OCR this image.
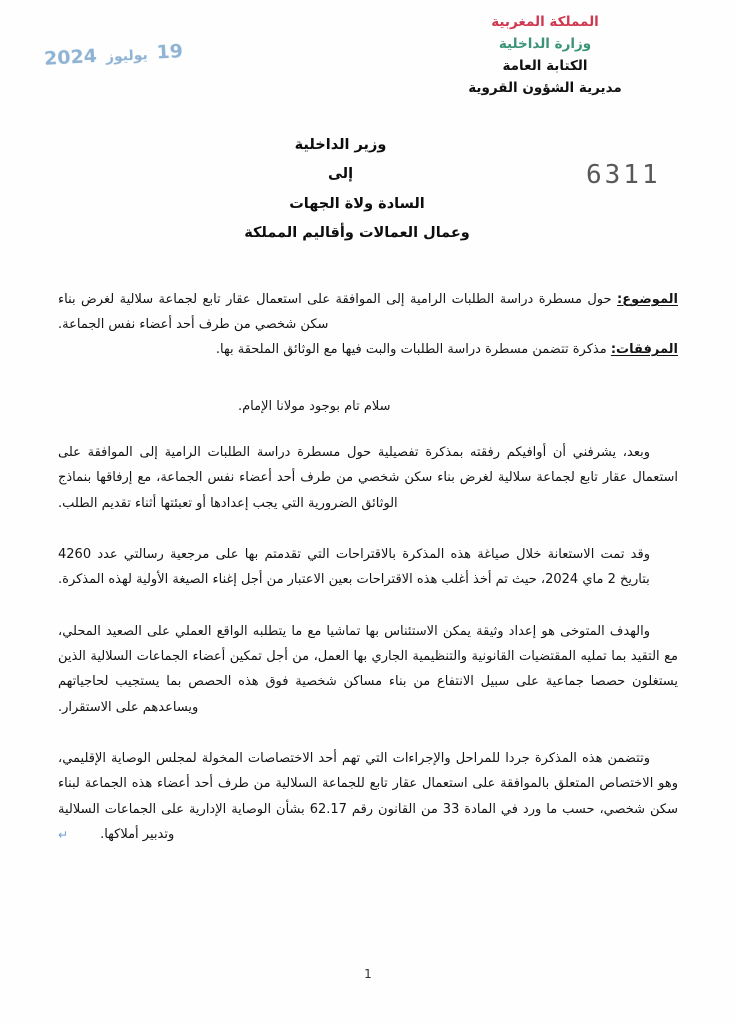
19 يوليوز 2024
6311
المملكة المغربية
وزارة الداخلية
الكتابة العامة
مديرية الشؤون القروية
وزير الداخلية
إلى
السادة ولاة الجهات
وعمال العمالات وأقاليم المملكة
الموضوع: حول مسطرة دراسة الطلبات الرامية إلى الموافقة على استعمال عقار تابع لجماعة سلالية لغرض بناء سكن شخصي من طرف أحد أعضاء نفس الجماعة.
المرفقات: مذكرة تتضمن مسطرة دراسة الطلبات والبت فيها مع الوثائق الملحقة بها.
سلام تام بوجود مولانا الإمام.
وبعد، يشرفني أن أوافيكم رفقته بمذكرة تفصيلية حول مسطرة دراسة الطلبات الرامية إلى الموافقة على استعمال عقار تابع لجماعة سلالية لغرض بناء سكن شخصي من طرف أحد أعضاء نفس الجماعة، مع إرفاقها بنماذج الوثائق الضرورية التي يجب إعدادها أو تعبئتها أثناء تقديم الطلب.
وقد تمت الاستعانة خلال صياغة هذه المذكرة بالاقتراحات التي تقدمتم بها على مرجعية رسالتي عدد 4260 بتاريخ 2 ماي 2024، حيث تم أخذ أغلب هذه الاقتراحات بعين الاعتبار من أجل إغناء الصيغة الأولية لهذه المذكرة.
والهدف المتوخى هو إعداد وثيقة يمكن الاستئناس بها تماشيا مع ما يتطلبه الواقع العملي على الصعيد المحلي، مع التقيد بما تمليه المقتضيات القانونية والتنظيمية الجاري بها العمل، من أجل تمكين أعضاء الجماعات السلالية الذين يستغلون حصصا جماعية على سبيل الانتفاع من بناء مساكن شخصية فوق هذه الحصص بما يستجيب لحاجياتهم ويساعدهم على الاستقرار.
وتتضمن هذه المذكرة جردا للمراحل والإجراءات التي تهم أحد الاختصاصات المخولة لمجلس الوصاية الإقليمي، وهو الاختصاص المتعلق بالموافقة على استعمال عقار تابع للجماعة السلالية من طرف أحد أعضاء هذه الجماعة لبناء سكن شخصي، حسب ما ورد في المادة 33 من القانون رقم 62.17 بشأن الوصاية الإدارية على الجماعات السلالية وتدبير أملاكها.↵
1
